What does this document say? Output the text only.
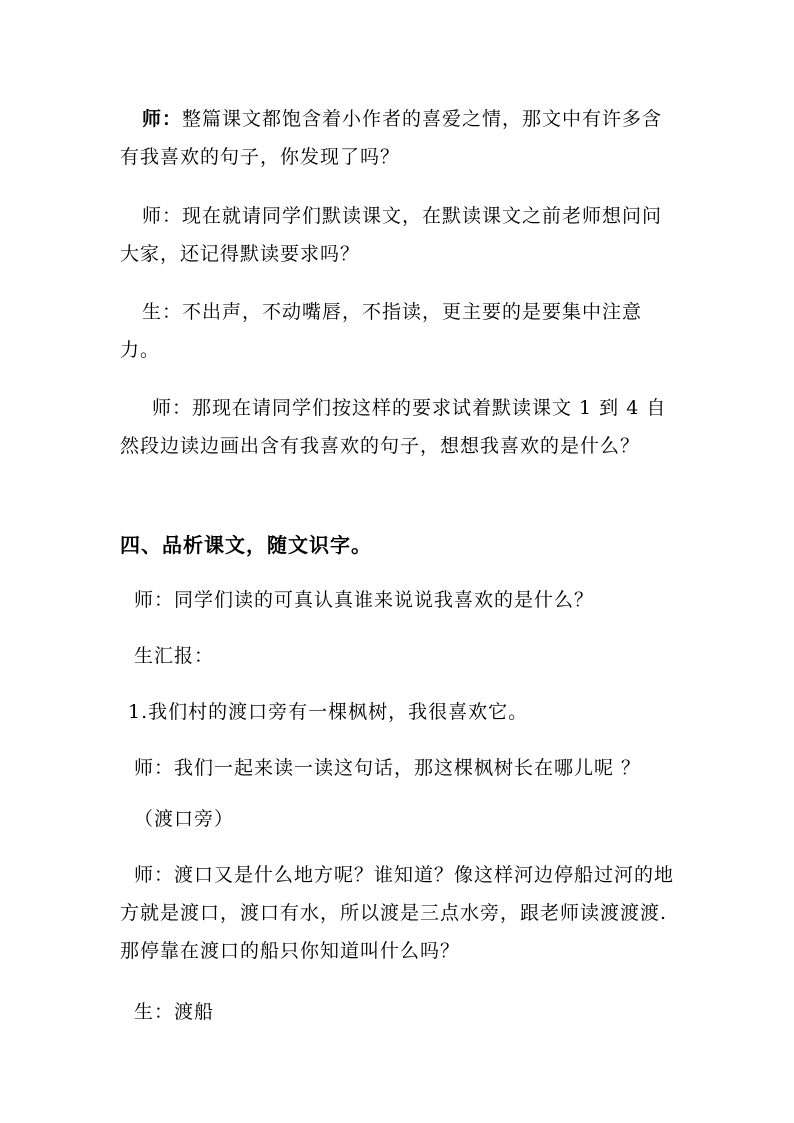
师：整篇课文都饱含着小作者的喜爱之情，那文中有许多含有我喜欢的句子，你发现了吗？

师：现在就请同学们默读课文，在默读课文之前老师想问问大家，还记得默读要求吗？

生：不出声，不动嘴唇，不指读，更主要的是要集中注意力。

师：那现在请同学们按这样的要求试着默读课文 1 到 4 自然段边读边画出含有我喜欢的句子，想想我喜欢的是什么？

四、品析课文，随文识字。

师：同学们读的可真认真谁来说说我喜欢的是什么？

生汇报：

1.我们村的渡口旁有一棵枫树，我很喜欢它。

师：我们一起来读一读这句话，那这棵枫树长在哪儿呢 ？

（渡口旁）

师：渡口又是什么地方呢？谁知道？像这样河边停船过河的地方就是渡口，渡口有水，所以渡是三点水旁，跟老师读渡渡渡. 那停靠在渡口的船只你知道叫什么吗？

生：渡船
